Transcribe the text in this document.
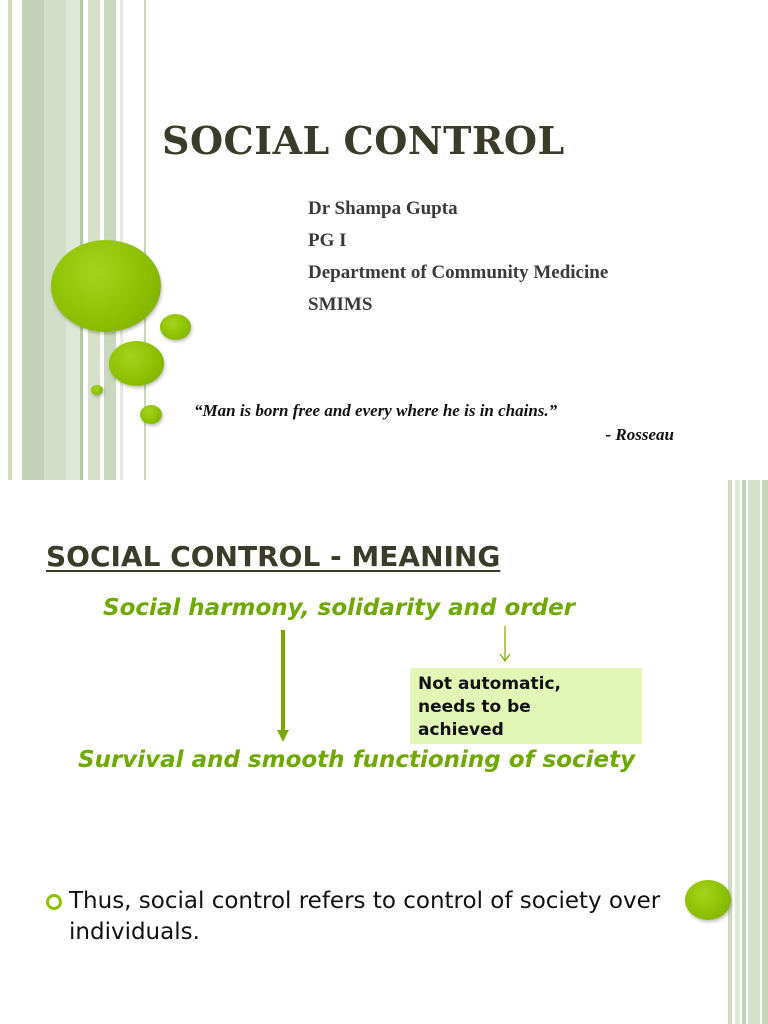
SOCIAL CONTROL
Dr Shampa Gupta
PG I
Department of Community Medicine
SMIMS
“Man is born free and every where he is in chains.”
- Rosseau
SOCIAL CONTROL - MEANING
Social harmony, solidarity and order
Not automatic,
needs to be
achieved
Survival and smooth functioning of society
Thus, social control refers to control of society over individuals.
